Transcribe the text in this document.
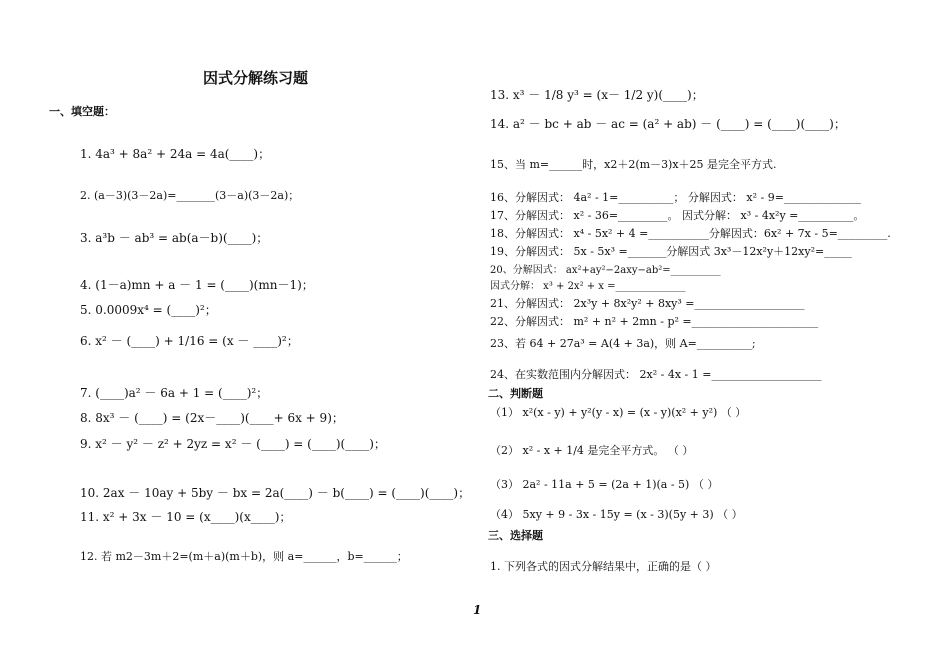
因式分解练习题
一、填空题：
1. 4a³ + 8a² + 24a = 4a(____)；
2. (a－3)(3－2a)=_______(3－a)(3－2a)；
3. a³b － ab³ = ab(a－b)(____)；
4. (1－a)mn + a － 1 = (____)(mn－1)；
5. 0.0009x⁴ = (____)²；
6. x² － (____) + 1/16 = (x － ____)²；
7. (____)a² － 6a + 1 = (____)²；
8. 8x³ － (____) = (2x－____)(____+ 6x + 9)；
9. x² － y² － z² + 2yz = x² － (____) = (____)(____)；
10. 2ax － 10ay + 5by － bx = 2a(____) － b(____) = (____)(____)；
11. x² + 3x － 10 = (x____)(x____)；
12. 若 m2－3m＋2=(m＋a)(m＋b)，则 a=______，b=______；
13. x³ － 1/8 y³ = (x－ 1/2 y)(____)；
14. a² － bc + ab － ac = (a² + ab) － (____) = (____)(____)；
15、当 m=______时，x2＋2(m－3)x＋25 是完全平方式.
16、分解因式： 4a² - 1=__________； 分解因式： x² - 9=______________
17、分解因式： x² - 36=_________。 因式分解： x³ - 4x²y =__________。
18、分解因式： x⁴ - 5x² + 4 =___________分解因式：6x² + 7x - 5=_________.
19、分解因式： 5x - 5x³ =_______分解因式 3x³－12x²y＋12xy²=_____
20、分解因式： ax²+ay²−2axy−ab²=__________
因式分解： x³ + 2x² + x =______________
21、分解因式： 2x³y + 8x²y² + 8xy³ =____________________
22、分解因式： m² + n² + 2mn - p² =_______________________
23、若 64 + 27a³ = A(4 + 3a)，则 A=__________;
24、在实数范围内分解因式： 2x² - 4x - 1 =____________________
二、判断题
（1） x²(x - y) + y²(y - x) = (x - y)(x² + y²) （ ）
（2） x² - x + 1/4 是完全平方式。 （ ）
（3） 2a² - 11a + 5 = (2a + 1)(a - 5) （ ）
（4） 5xy + 9 - 3x - 15y = (x - 3)(5y + 3) （ ）
三、选择题
1. 下列各式的因式分解结果中，正确的是（ ）
1
